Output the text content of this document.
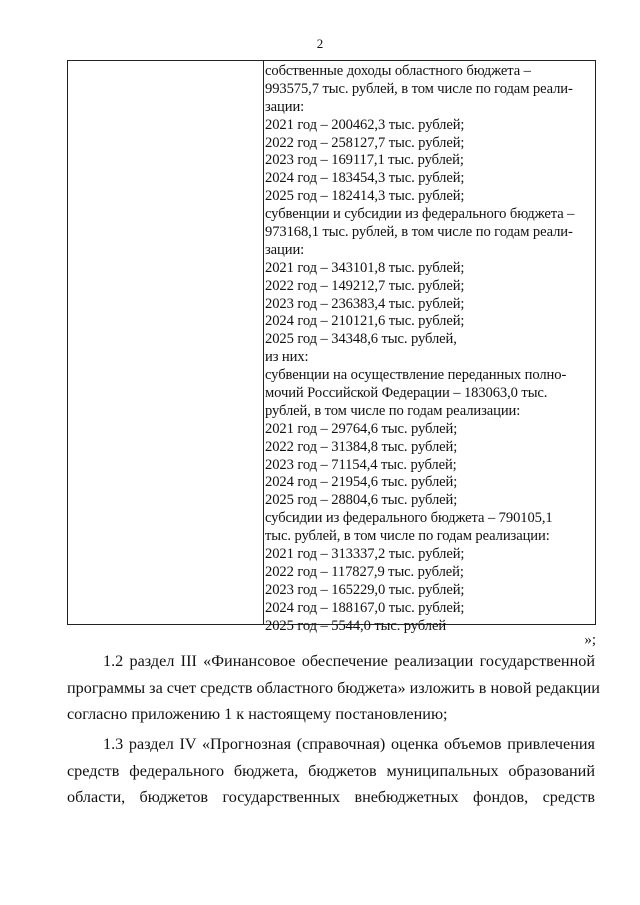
2
собственные доходы областного бюджета –
993575,7 тыс. рублей, в том числе по годам реали-
зации:
2021 год – 200462,3 тыс. рублей;
2022 год – 258127,7 тыс. рублей;
2023 год – 169117,1 тыс. рублей;
2024 год – 183454,3 тыс. рублей;
2025 год – 182414,3 тыс. рублей;
субвенции и субсидии из федерального бюджета –
973168,1 тыс. рублей, в том числе по годам реали-
зации:
2021 год – 343101,8 тыс. рублей;
2022 год – 149212,7 тыс. рублей;
2023 год – 236383,4 тыс. рублей;
2024 год – 210121,6 тыс. рублей;
2025 год – 34348,6 тыс. рублей,
из них:
субвенции на осуществление переданных полно-
мочий Российской Федерации – 183063,0 тыс.
рублей, в том числе по годам реализации:
2021 год – 29764,6 тыс. рублей;
2022 год – 31384,8 тыс. рублей;
2023 год – 71154,4 тыс. рублей;
2024 год – 21954,6 тыс. рублей;
2025 год – 28804,6 тыс. рублей;
субсидии из федерального бюджета – 790105,1
тыс. рублей, в том числе по годам реализации:
2021 год – 313337,2 тыс. рублей;
2022 год – 117827,9 тыс. рублей;
2023 год – 165229,0 тыс. рублей;
2024 год – 188167,0 тыс. рублей;
2025 год – 5544,0 тыс. рублей
»;
1.2 раздел III «Финансовое обеспечение реализации государственной
программы за счет средств областного бюджета» изложить в новой редакции
согласно приложению 1 к настоящему постановлению;
1.3 раздел IV «Прогнозная (справочная) оценка объемов привлечения
средств федерального бюджета, бюджетов муниципальных образований
области, бюджетов государственных внебюджетных фондов, средств
